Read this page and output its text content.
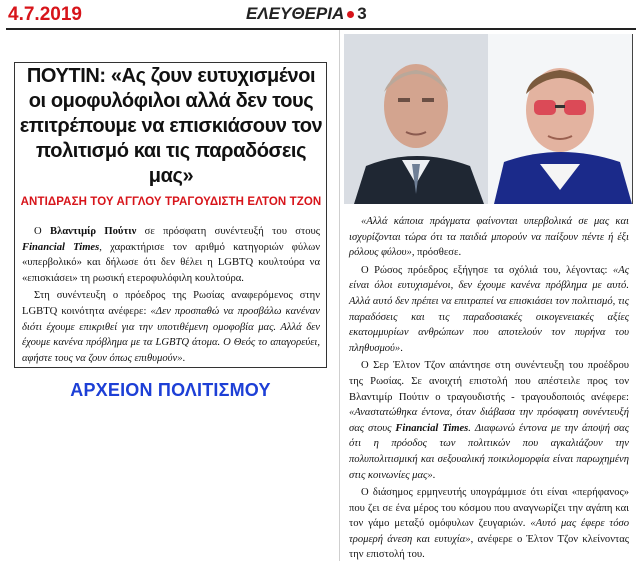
4.7.2019	ΕΛΕΥΘΕΡΙΑ 3
ΠΟΥΤΙΝ: «Ας ζουν ευτυχισμένοι
οι ομοφυλόφιλοι αλλά δεν τους
επιτρέπουμε να επισκιάσουν τον
πολιτισμό και τις παραδόσεις μας»
ΑΝΤΙΔΡΑΣΗ ΤΟΥ ΑΓΓΛΟΥ ΤΡΑΓΟΥΔΙΣΤΗ ΕΛΤΟΝ ΤΖΟΝ

Ο Βλαντιμίρ Πούτιν σε πρόσφατη συνέντευξή του στους Financial Times, χαρακτήρισε τον αριθμό κατηγοριών φύλων «υπερβολικό» και δήλωσε ότι δεν θέλει η LGBTQ κουλτούρα να «επισκιάσει» τη ρωσική ετεροφυλόφιλη κουλτούρα.

Στη συνέντευξη ο πρόεδρος της Ρωσίας αναφερόμενος στην LGBTQ κοινότητα ανέφερε: «Δεν προσπαθώ να προσβάλω κανέναν διότι έχουμε επικριθεί για την υποτιθέμενη ομοφοβία μας. Αλλά δεν έχουμε κανένα πρόβλημα με τα LGBTQ άτομα. Ο Θεός το απαγορεύει, αφήστε τους να ζουν όπως επιθυμούν».

ΑΡΧΕΙΟΝ ΠΟΛΙΤΙΣΜΟΥ

«Αλλά κάποια πράγματα φαίνονται υπερβολικά σε μας και ισχυρίζονται τώρα ότι τα παιδιά μπορούν να παίξουν πέντε ή έξι ρόλους φύλου», πρόσθεσε.

Ο Ρώσος πρόεδρος εξήγησε τα σχόλιά του, λέγοντας: «Ας είναι όλοι ευτυχισμένοι, δεν έχουμε κανένα πρόβλημα με αυτό. Αλλά αυτό δεν πρέπει να επιτραπεί να επισκιάσει τον πολιτισμό, τις παραδόσεις και τις παραδοσιακές οικογενειακές αξίες εκατομμυρίων ανθρώπων που αποτελούν τον πυρήνα του πληθυσμού».

Ο Σερ Έλτον Τζον απάντησε στη συνέντευξη του προέδρου της Ρωσίας. Σε ανοιχτή επιστολή που απέστειλε προς τον Βλαντιμίρ Πούτιν ο τραγουδιστής - τραγουδοποιός ανέφερε: «Αναστατώθηκα έντονα, όταν διάβασα την πρόσφατη συνέντευξή σας στους Financial Times. Διαφωνώ έντονα με την άποψή σας ότι η πρόοδος των πολιτικών που αγκαλιάζουν την πολυπολιτισμική και σεξουαλική ποικιλομορφία είναι παρωχημένη στις κοινωνίες μας».

Ο διάσημος ερμηνευτής υπογράμμισε ότι είναι «περήφανος» που ζει σε ένα μέρος του κόσμου που αναγνωρίζει την αγάπη και τον γάμο μεταξύ ομόφυλων ζευγαριών. «Αυτό μας έφερε τόσο τρομερή άνεση και ευτυχία», ανέφερε ο Έλτον Τζον κλείνοντας την επιστολή του.
